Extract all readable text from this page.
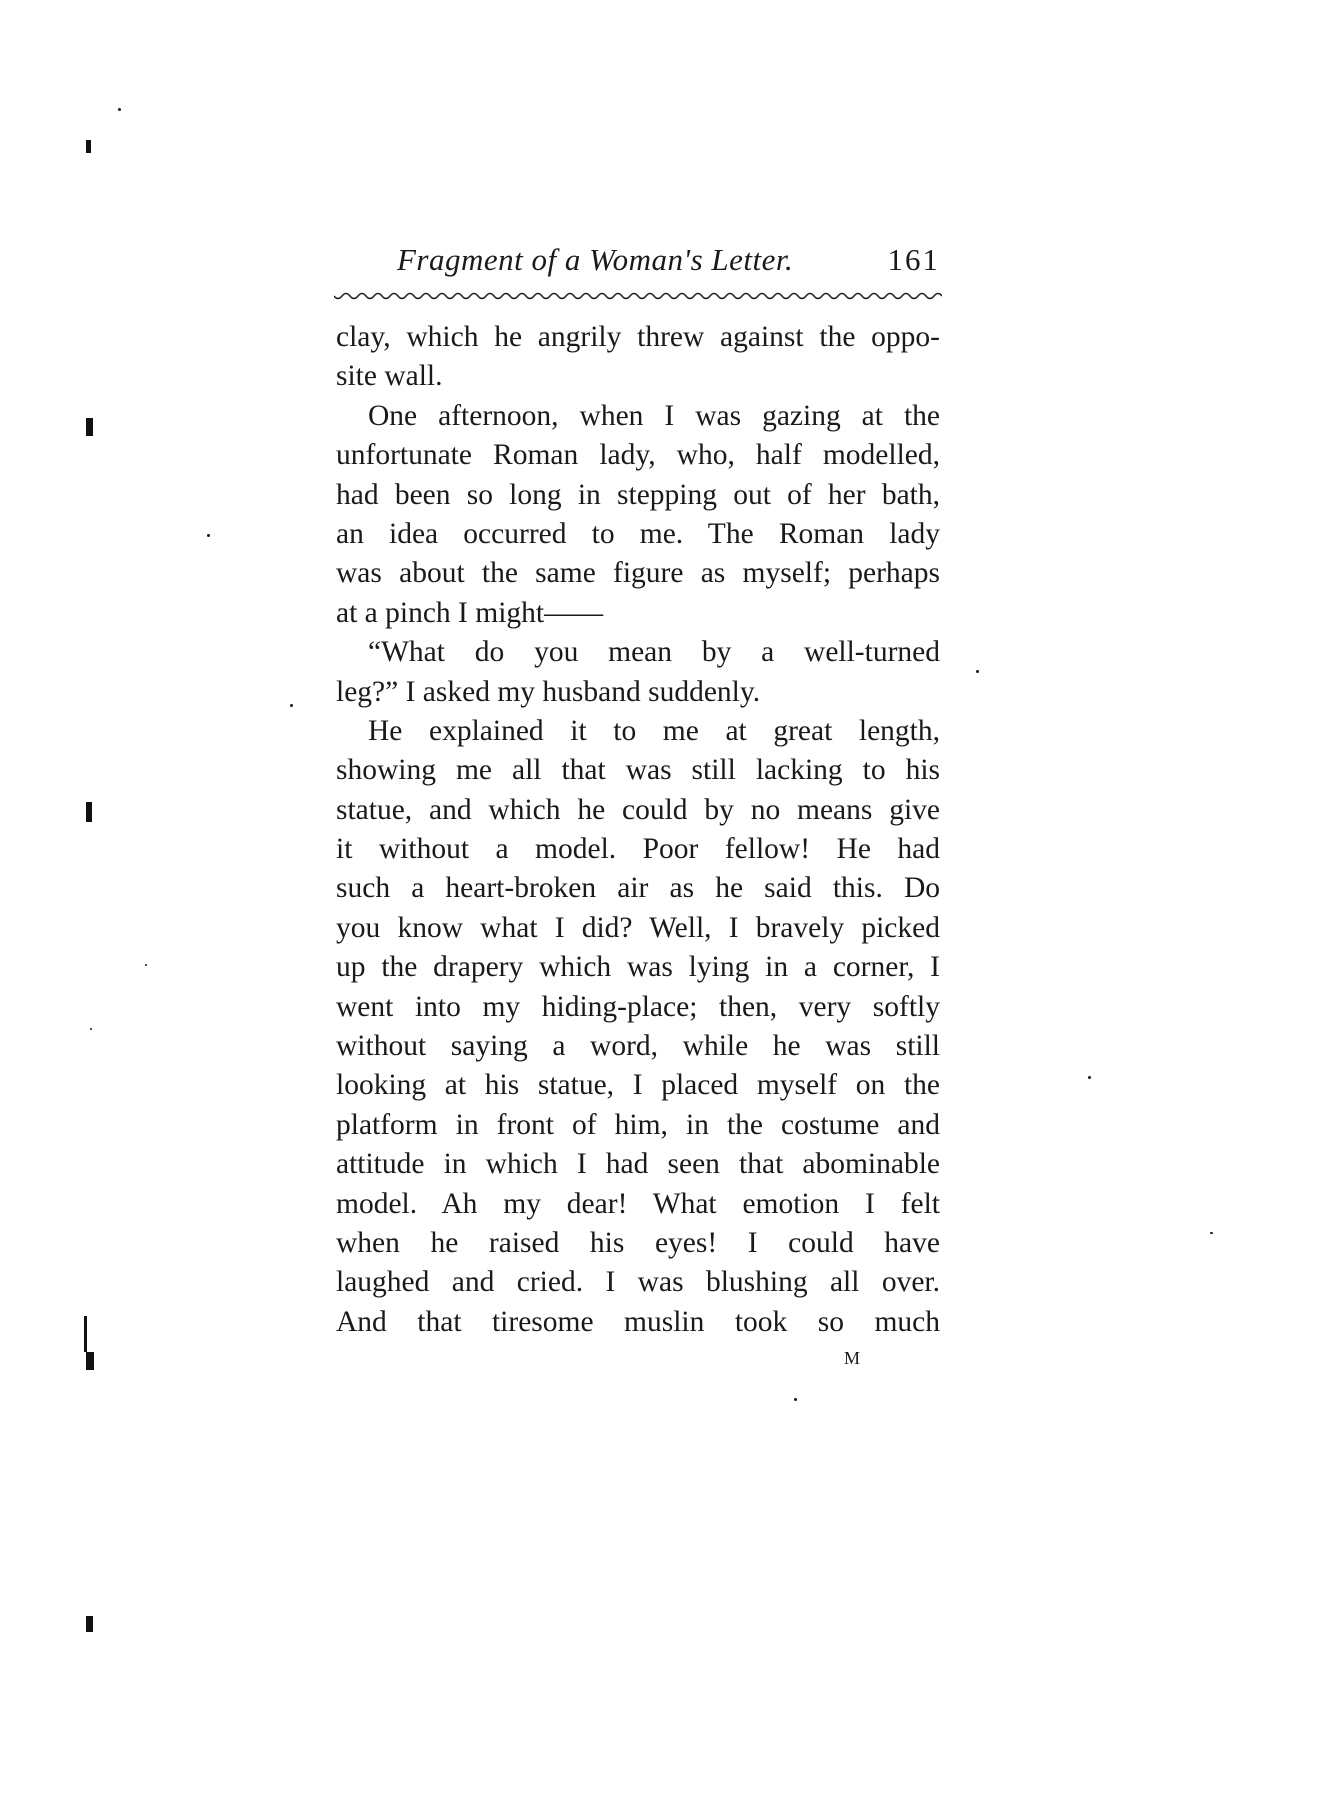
Fragment of a Woman's Letter.	161
clay, which he angrily threw against the oppo-
site wall.
One afternoon, when I was gazing at the
unfortunate Roman lady, who, half modelled,
had been so long in stepping out of her bath,
an idea occurred to me. The Roman lady
was about the same figure as myself; perhaps
at a pinch I might——
“What do you mean by a well-turned
leg?” I asked my husband suddenly.
He explained it to me at great length,
showing me all that was still lacking to his
statue, and which he could by no means give
it without a model. Poor fellow! He had
such a heart-broken air as he said this. Do
you know what I did? Well, I bravely picked
up the drapery which was lying in a corner, I
went into my hiding-place; then, very softly
without saying a word, while he was still
looking at his statue, I placed myself on the
platform in front of him, in the costume and
attitude in which I had seen that abominable
model. Ah my dear! What emotion I felt
when he raised his eyes! I could have
laughed and cried. I was blushing all over.
And that tiresome muslin took so much
M
